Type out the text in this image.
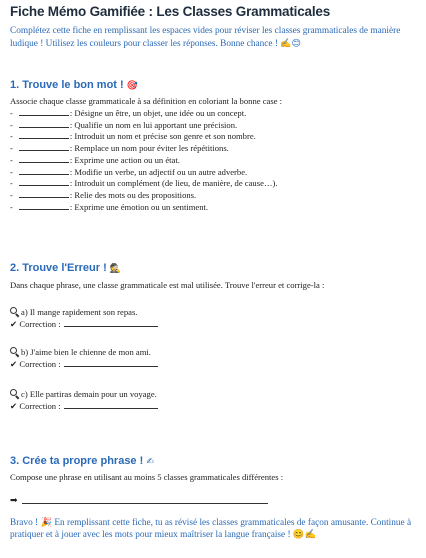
Fiche Mémo Gamifiée : Les Classes Grammaticales
Complétez cette fiche en remplissant les espaces vides pour réviser les classes grammaticales de manière ludique ! Utilisez les couleurs pour classer les réponses. Bonne chance ! ✍️😊
1. Trouve le bon mot ! 🎯
Associe chaque classe grammaticale à sa définition en coloriant la bonne case :
-	: Désigne un être, un objet, une idée ou un concept.
-	: Qualifie un nom en lui apportant une précision.
-	: Introduit un nom et précise son genre et son nombre.
-	: Remplace un nom pour éviter les répétitions.
-	: Exprime une action ou un état.
-	: Modifie un verbe, un adjectif ou un autre adverbe.
-	: Introduit un complément (de lieu, de manière, de cause…).
-	: Relie des mots ou des propositions.
-	: Exprime une émotion ou un sentiment.
2. Trouve l'Erreur ! 🕵️
Dans chaque phrase, une classe grammaticale est mal utilisée. Trouve l'erreur et corrige-la :
a) Il mange rapidement son repas.
✔ Correction :
b) J'aime bien le chienne de mon ami.
✔ Correction :
c) Elle partiras demain pour un voyage.
✔ Correction :
3. Crée ta propre phrase ! ✍
Compose une phrase en utilisant au moins 5 classes grammaticales différentes :
➡
Bravo ! 🎉 En remplissant cette fiche, tu as révisé les classes grammaticales de façon amusante. Continue à pratiquer et à jouer avec les mots pour mieux maîtriser la langue française ! 😊✍
